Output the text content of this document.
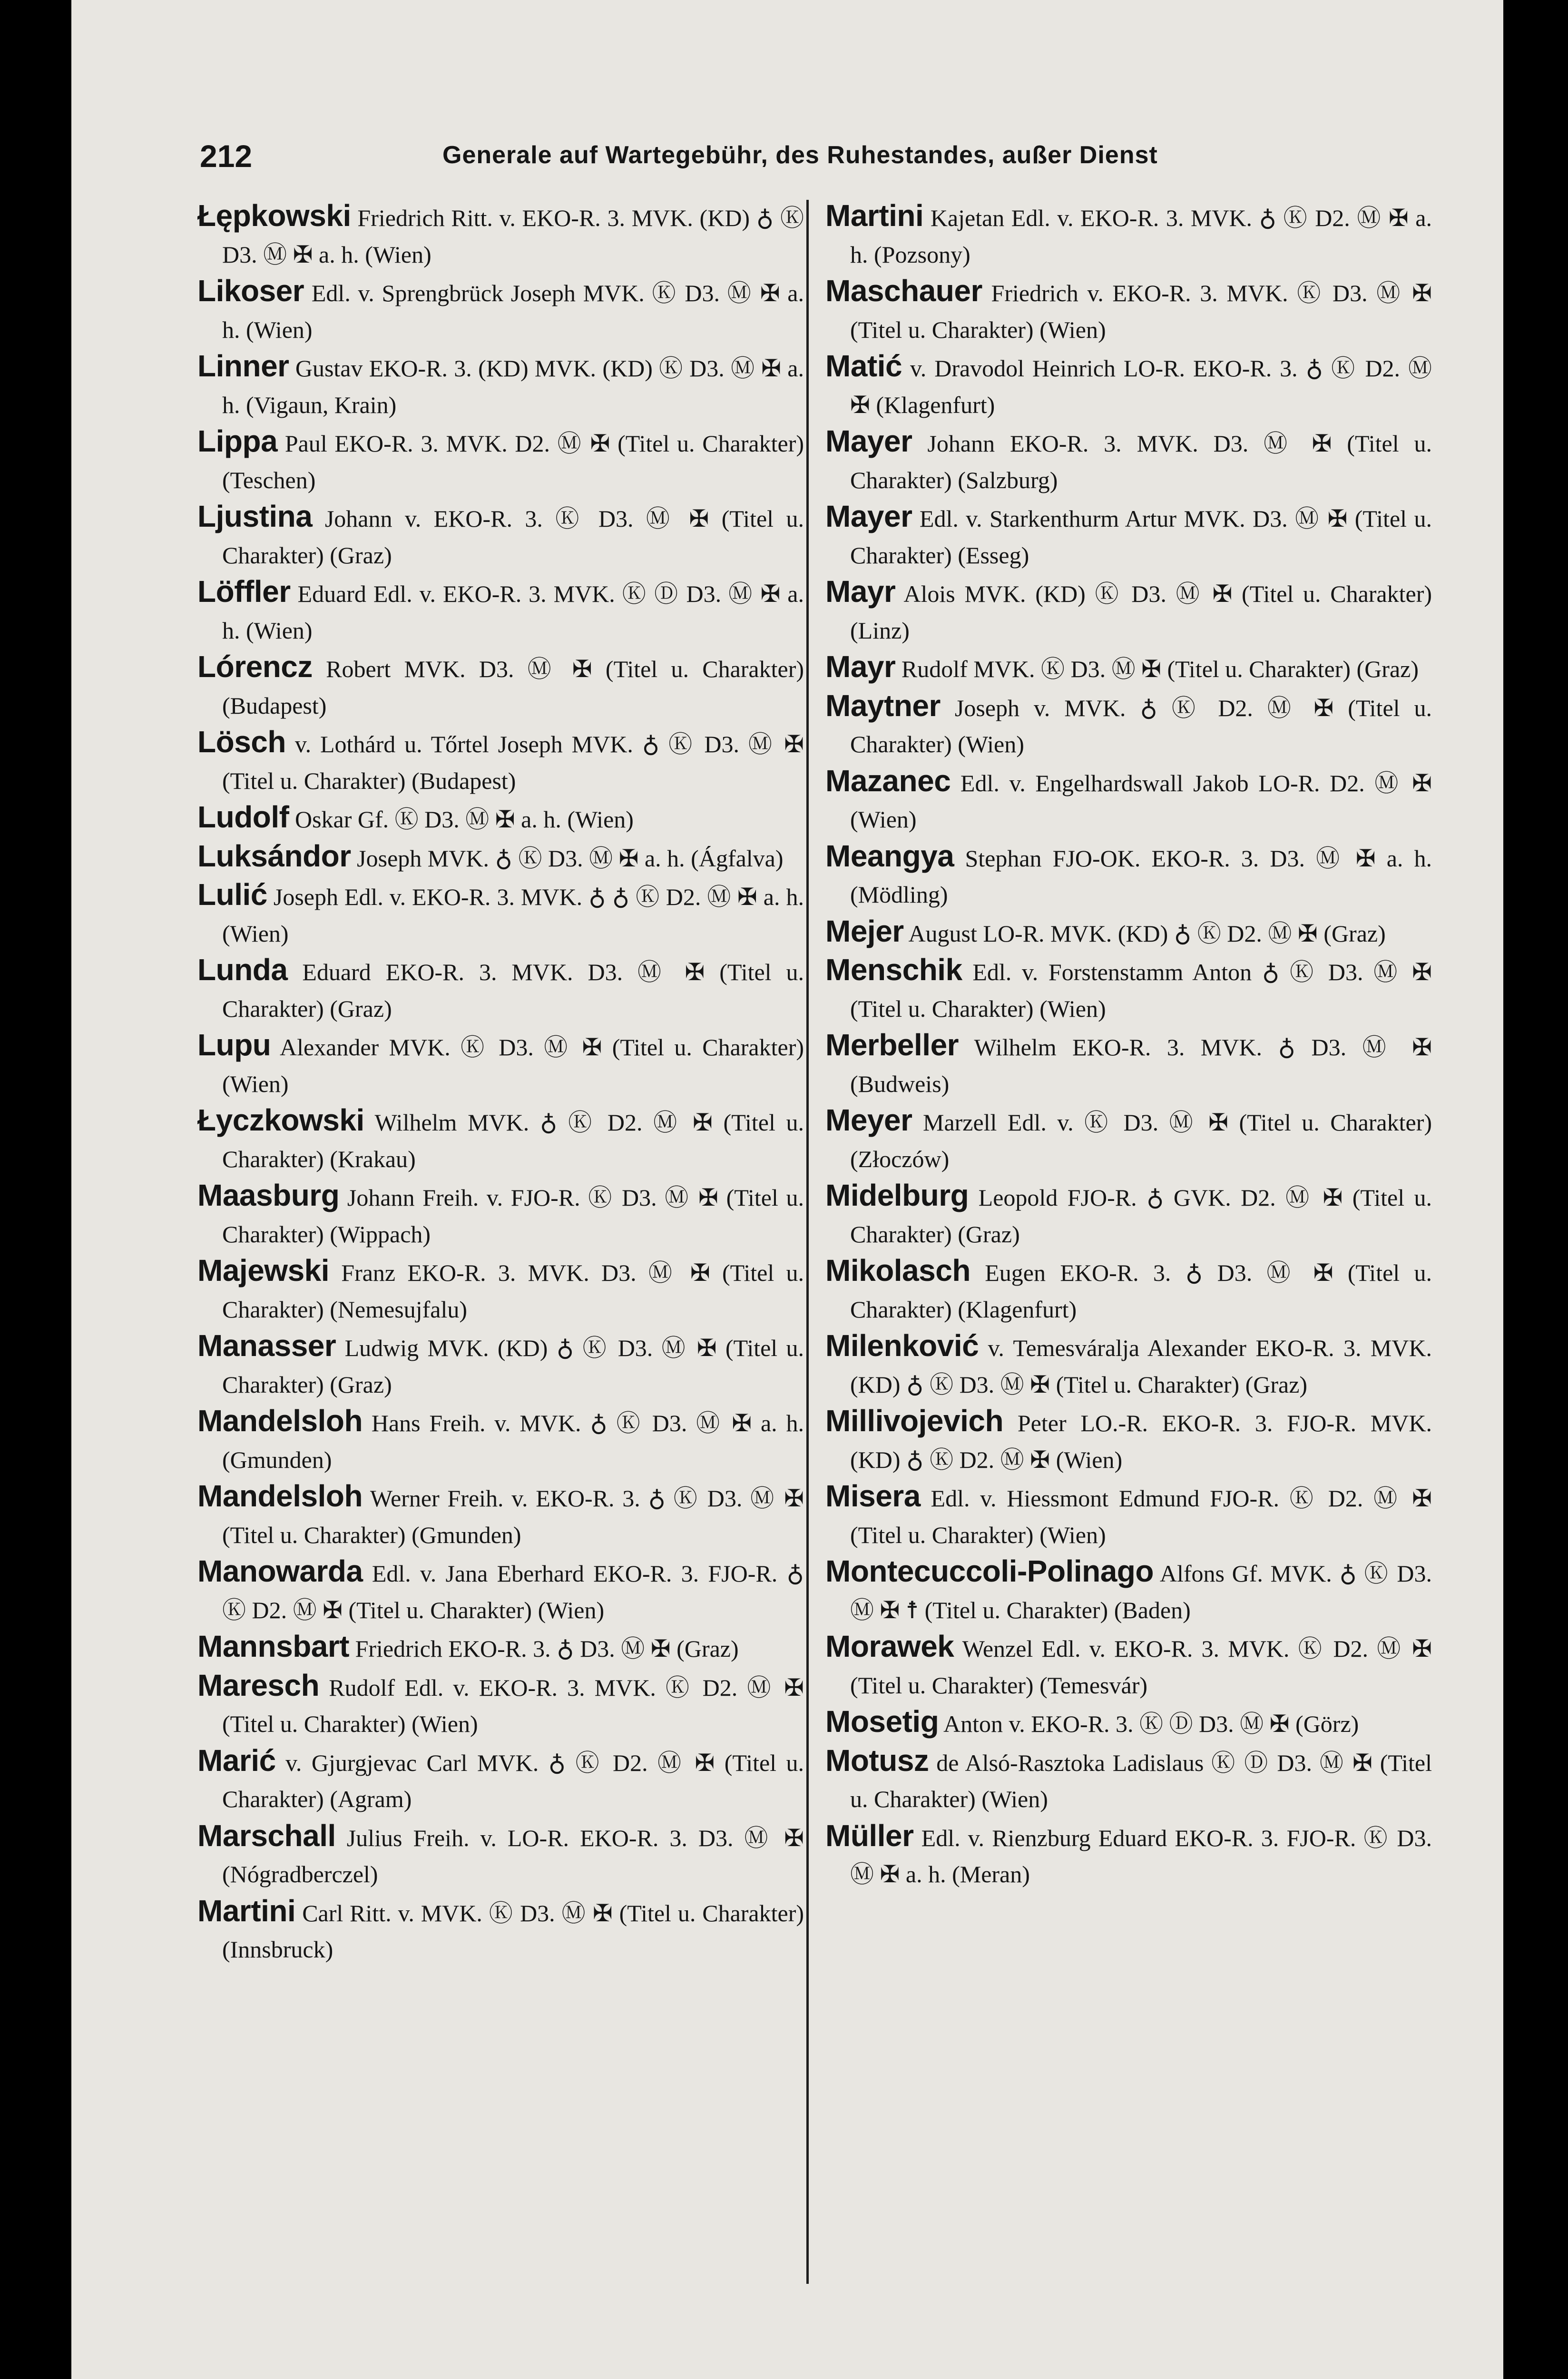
212	Generale auf Wartegebühr, des Ruhestandes, außer Dienst
Łępkowski Friedrich Ritt. v. EKO-R. 3. MVK. (KD) ♁ Ⓚ D3. Ⓜ ✠ a. h. (Wien)
Likoser Edl. v. Sprengbrück Joseph MVK. Ⓚ D3. Ⓜ ✠ a. h. (Wien)
Linner Gustav EKO-R. 3. (KD) MVK. (KD) Ⓚ D3. Ⓜ ✠ a. h. (Vigaun, Krain)
Lippa Paul EKO-R. 3. MVK. D2. Ⓜ ✠ (Titel u. Charakter) (Teschen)
Ljustina Johann v. EKO-R. 3. Ⓚ D3. Ⓜ ✠ (Titel u. Charakter) (Graz)
Löffler Eduard Edl. v. EKO-R. 3. MVK. Ⓚ Ⓓ D3. Ⓜ ✠ a. h. (Wien)
Lórencz Robert MVK. D3. Ⓜ ✠ (Titel u. Charakter) (Budapest)
Lösch v. Lothárd u. Tőrtel Joseph MVK. ♁ Ⓚ D3. Ⓜ ✠ (Titel u. Charakter) (Budapest)
Ludolf Oskar Gf. Ⓚ D3. Ⓜ ✠ a. h. (Wien)
Luksándor Joseph MVK. ♁ Ⓚ D3. Ⓜ ✠ a. h. (Ágfalva)
Lulić Joseph Edl. v. EKO-R. 3. MVK. ♁ ♁ Ⓚ D2. Ⓜ ✠ a. h. (Wien)
Lunda Eduard EKO-R. 3. MVK. D3. Ⓜ ✠ (Titel u. Charakter) (Graz)
Lupu Alexander MVK. Ⓚ D3. Ⓜ ✠ (Titel u. Charakter) (Wien)
Łyczkowski Wilhelm MVK. ♁ Ⓚ D2. Ⓜ ✠ (Titel u. Charakter) (Krakau)
Maasburg Johann Freih. v. FJO-R. Ⓚ D3. Ⓜ ✠ (Titel u. Charakter) (Wippach)
Majewski Franz EKO-R. 3. MVK. D3. Ⓜ ✠ (Titel u. Charakter) (Nemesujfalu)
Manasser Ludwig MVK. (KD) ♁ Ⓚ D3. Ⓜ ✠ (Titel u. Charakter) (Graz)
Mandelsloh Hans Freih. v. MVK. ♁ Ⓚ D3. Ⓜ ✠ a. h. (Gmunden)
Mandelsloh Werner Freih. v. EKO-R. 3. ♁ Ⓚ D3. Ⓜ ✠ (Titel u. Charakter) (Gmunden)
Manowarda Edl. v. Jana Eberhard EKO-R. 3. FJO-R. ♁ Ⓚ D2. Ⓜ ✠ (Titel u. Charakter) (Wien)
Mannsbart Friedrich EKO-R. 3. ♁ D3. Ⓜ ✠ (Graz)
Maresch Rudolf Edl. v. EKO-R. 3. MVK. Ⓚ D2. Ⓜ ✠ (Titel u. Charakter) (Wien)
Marić v. Gjurgjevac Carl MVK. ♁ Ⓚ D2. Ⓜ ✠ (Titel u. Charakter) (Agram)
Marschall Julius Freih. v. LO-R. EKO-R. 3. D3. Ⓜ ✠ (Nógradberczel)
Martini Carl Ritt. v. MVK. Ⓚ D3. Ⓜ ✠ (Titel u. Charakter) (Innsbruck)
Martini Kajetan Edl. v. EKO-R. 3. MVK. ♁ Ⓚ D2. Ⓜ ✠ a. h. (Pozsony)
Maschauer Friedrich v. EKO-R. 3. MVK. Ⓚ D3. Ⓜ ✠ (Titel u. Charakter) (Wien)
Matić v. Dravodol Heinrich LO-R. EKO-R. 3. ♁ Ⓚ D2. Ⓜ ✠ (Klagenfurt)
Mayer Johann EKO-R. 3. MVK. D3. Ⓜ ✠ (Titel u. Charakter) (Salzburg)
Mayer Edl. v. Starkenthurm Artur MVK. D3. Ⓜ ✠ (Titel u. Charakter) (Esseg)
Mayr Alois MVK. (KD) Ⓚ D3. Ⓜ ✠ (Titel u. Charakter) (Linz)
Mayr Rudolf MVK. Ⓚ D3. Ⓜ ✠ (Titel u. Charakter) (Graz)
Maytner Joseph v. MVK. ♁ Ⓚ D2. Ⓜ ✠ (Titel u. Charakter) (Wien)
Mazanec Edl. v. Engelhardswall Jakob LO-R. D2. Ⓜ ✠ (Wien)
Meangya Stephan FJO-OK. EKO-R. 3. D3. Ⓜ ✠ a. h. (Mödling)
Mejer August LO-R. MVK. (KD) ♁ Ⓚ D2. Ⓜ ✠ (Graz)
Menschik Edl. v. Forstenstamm Anton ♁ Ⓚ D3. Ⓜ ✠ (Titel u. Charakter) (Wien)
Merbeller Wilhelm EKO-R. 3. MVK. ♁ D3. Ⓜ ✠ (Budweis)
Meyer Marzell Edl. v. Ⓚ D3. Ⓜ ✠ (Titel u. Charakter) (Złoczów)
Midelburg Leopold FJO-R. ♁ GVK. D2. Ⓜ ✠ (Titel u. Charakter) (Graz)
Mikolasch Eugen EKO-R. 3. ♁ D3. Ⓜ ✠ (Titel u. Charakter) (Klagenfurt)
Milenković v. Temesváralja Alexander EKO-R. 3. MVK. (KD) ♁ Ⓚ D3. Ⓜ ✠ (Titel u. Charakter) (Graz)
Millivojevich Peter LO.-R. EKO-R. 3. FJO-R. MVK. (KD) ♁ Ⓚ D2. Ⓜ ✠ (Wien)
Misera Edl. v. Hiessmont Edmund FJO-R. Ⓚ D2. Ⓜ ✠ (Titel u. Charakter) (Wien)
Montecuccoli-Polinago Alfons Gf. MVK. ♁ Ⓚ D3. Ⓜ ✠ ☨ (Titel u. Charakter) (Baden)
Morawek Wenzel Edl. v. EKO-R. 3. MVK. Ⓚ D2. Ⓜ ✠ (Titel u. Charakter) (Temesvár)
Mosetig Anton v. EKO-R. 3. Ⓚ Ⓓ D3. Ⓜ ✠ (Görz)
Motusz de Alsó-Rasztoka Ladislaus Ⓚ Ⓓ D3. Ⓜ ✠ (Titel u. Charakter) (Wien)
Müller Edl. v. Rienzburg Eduard EKO-R. 3. FJO-R. Ⓚ D3. Ⓜ ✠ a. h. (Meran)
